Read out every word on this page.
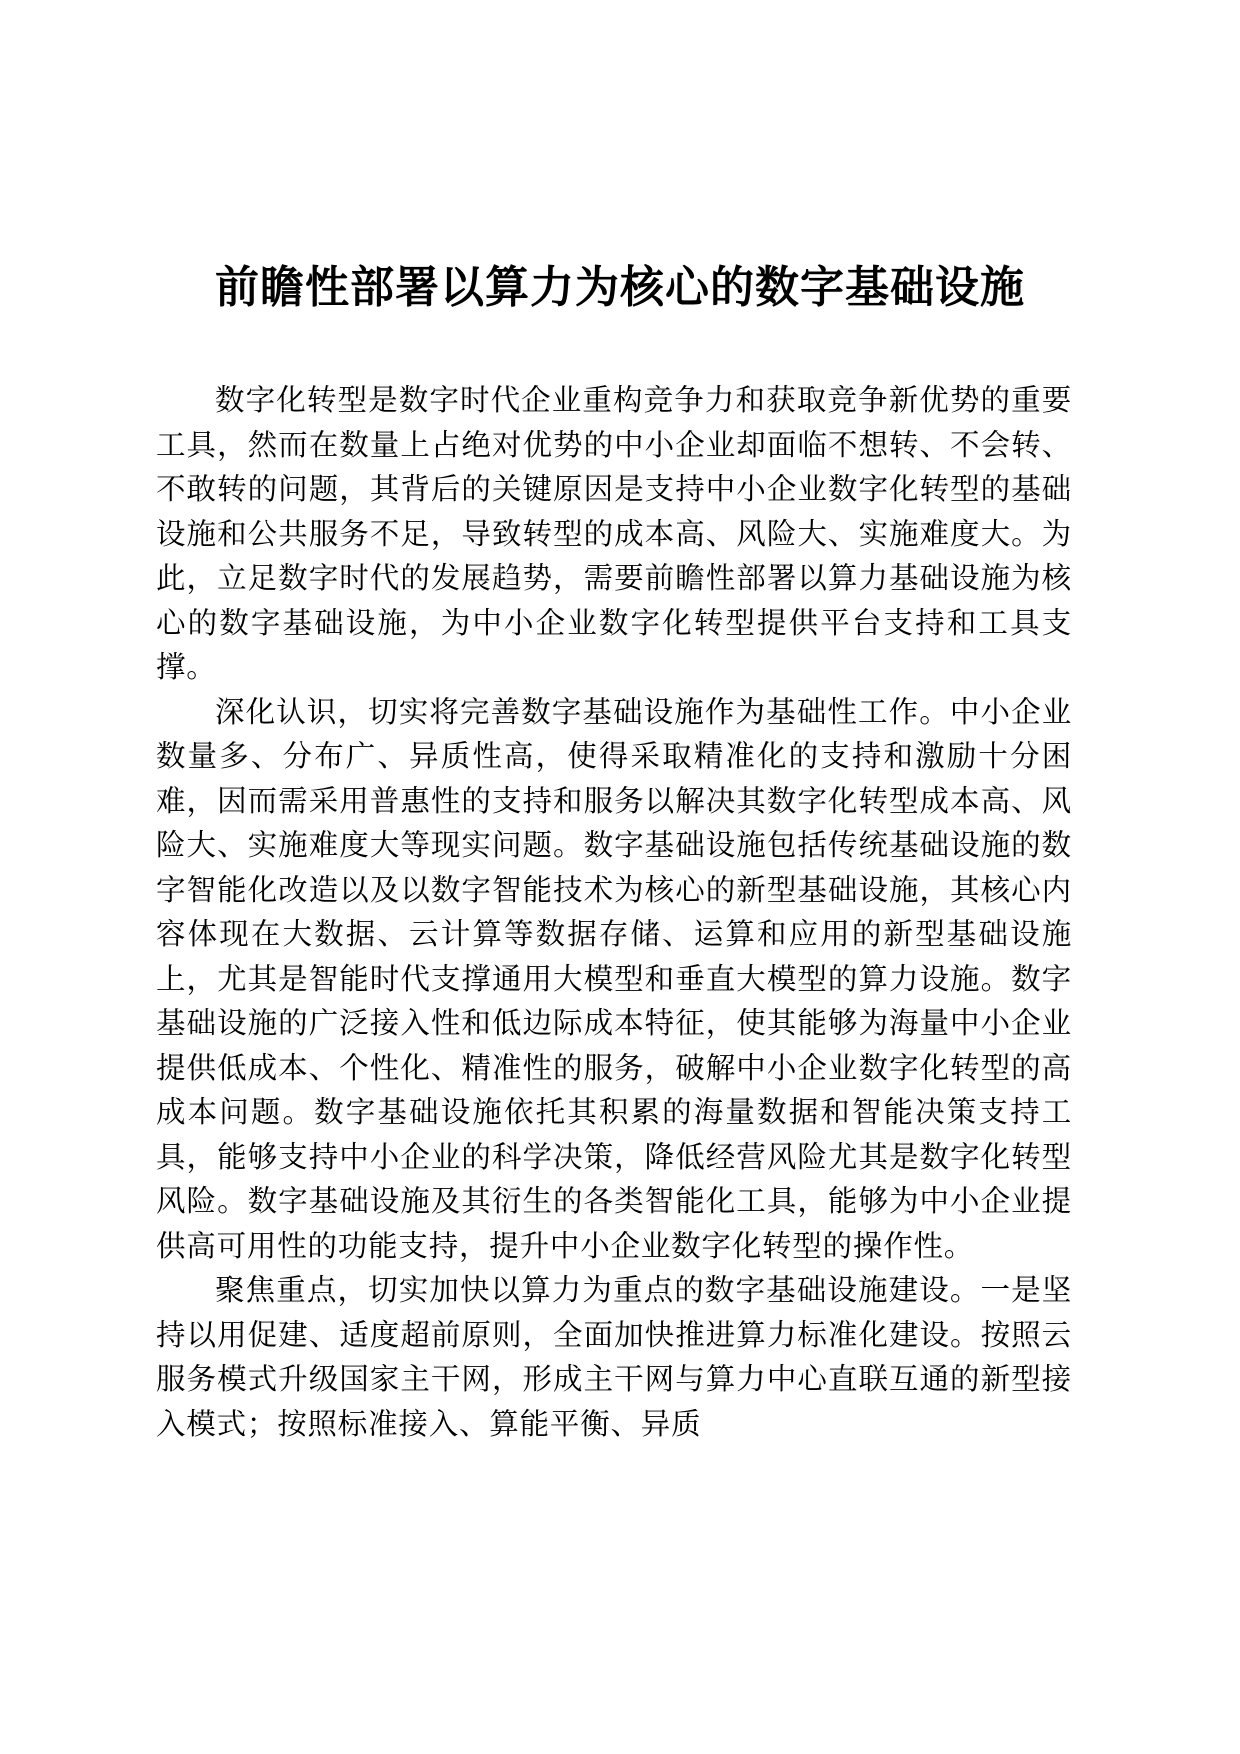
前瞻性部署以算力为核心的数字基础设施

数字化转型是数字时代企业重构竞争力和获取竞争新优势的重要工具，然而在数量上占绝对优势的中小企业却面临不想转、不会转、不敢转的问题，其背后的关键原因是支持中小企业数字化转型的基础设施和公共服务不足，导致转型的成本高、风险大、实施难度大。为此，立足数字时代的发展趋势，需要前瞻性部署以算力基础设施为核心的数字基础设施，为中小企业数字化转型提供平台支持和工具支撑。

深化认识，切实将完善数字基础设施作为基础性工作。中小企业数量多、分布广、异质性高，使得采取精准化的支持和激励十分困难，因而需采用普惠性的支持和服务以解决其数字化转型成本高、风险大、实施难度大等现实问题。数字基础设施包括传统基础设施的数字智能化改造以及以数字智能技术为核心的新型基础设施，其核心内容体现在大数据、云计算等数据存储、运算和应用的新型基础设施上，尤其是智能时代支撑通用大模型和垂直大模型的算力设施。数字基础设施的广泛接入性和低边际成本特征，使其能够为海量中小企业提供低成本、个性化、精准性的服务，破解中小企业数字化转型的高成本问题。数字基础设施依托其积累的海量数据和智能决策支持工具，能够支持中小企业的科学决策，降低经营风险尤其是数字化转型风险。数字基础设施及其衍生的各类智能化工具，能够为中小企业提供高可用性的功能支持，提升中小企业数字化转型的操作性。

聚焦重点，切实加快以算力为重点的数字基础设施建设。一是坚持以用促建、适度超前原则，全面加快推进算力标准化建设。按照云服务模式升级国家主干网，形成主干网与算力中心直联互通的新型接入模式；按照标准接入、算能平衡、异质
